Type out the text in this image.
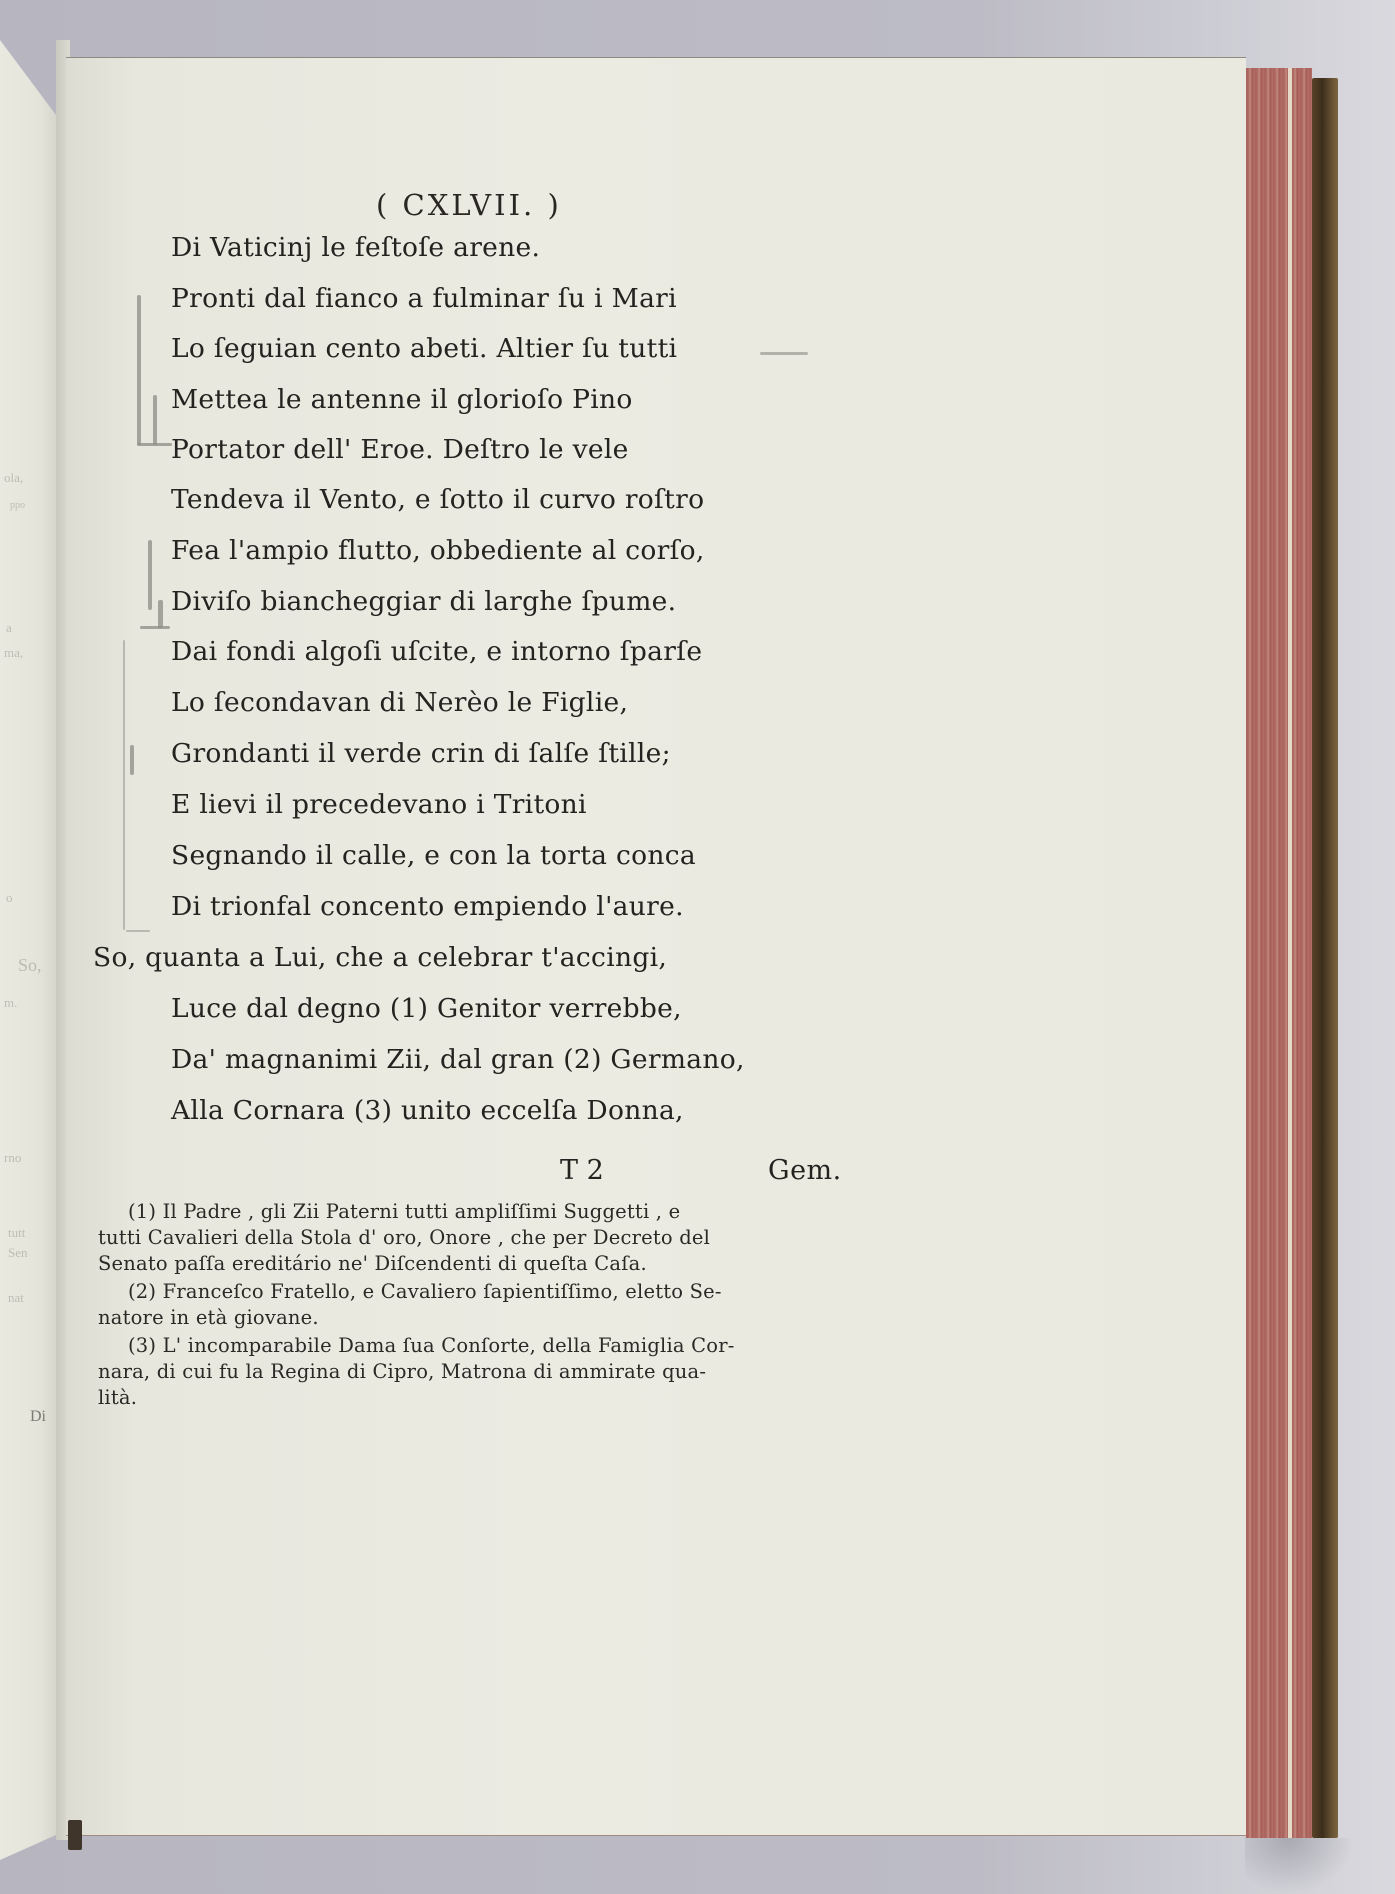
ola,
ppo
a
ma,
o
So,
m.
rno
tutt
Sen
nat
Di
( CXLVII. )
Di Vaticinj le feſtoſe arene.
Pronti dal fianco a fulminar ſu i Mari
Lo ſeguian cento abeti. Altier ſu tutti
Mettea le antenne il glorioſo Pino
Portator dell' Eroe. Deſtro le vele
Tendeva il Vento, e ſotto il curvo roſtro
Fea l'ampio flutto, obbediente al corſo,
Diviſo biancheggiar di larghe ſpume.
Dai fondi algoſi uſcite, e intorno ſparſe
Lo ſecondavan di Nerèo le Figlie,
Grondanti il verde crin di ſalſe ſtille;
E lievi il precedevano i Tritoni
Segnando il calle, e con la torta conca
Di trionfal concento empiendo l'aure.
So, quanta a Lui, che a celebrar t'accingi,
Luce dal degno (1) Genitor verrebbe,
Da' magnanimi Zii, dal gran (2) Germano,
Alla Cornara (3) unito eccelſa Donna,
T 2	Gem.
(1) Il Padre , gli Zii Paterni tutti ampliſſimi Suggetti , e
tutti Cavalieri della Stola d' oro, Onore , che per Decreto del
Senato paſſa ereditário ne' Diſcendenti di queſta Caſa.
(2) Franceſco Fratello, e Cavaliero ſapientiſſimo, eletto Se-
natore in età giovane.
(3) L' incomparabile Dama ſua Conſorte, della Famiglia Cor-
nara, di cui fu la Regina di Cipro, Matrona di ammirate qua-
lità.
